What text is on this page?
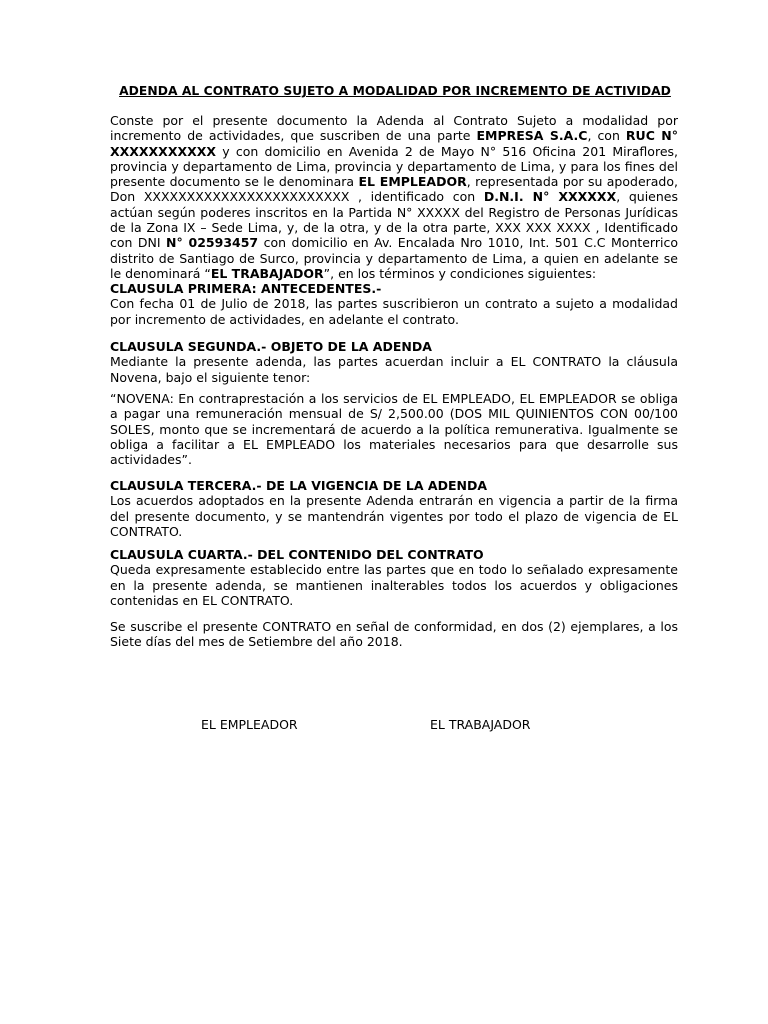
ADENDA AL CONTRATO SUJETO A MODALIDAD POR INCREMENTO DE ACTIVIDAD

Conste por el presente documento la Adenda al Contrato Sujeto a modalidad por incremento de actividades, que suscriben de una parte EMPRESA S.A.C, con RUC N° XXXXXXXXXXX y con domicilio en Avenida 2 de Mayo N° 516 Oficina 201 Miraflores, provincia y departamento de Lima, provincia y departamento de Lima, y para los fines del presente documento se le denominara EL EMPLEADOR, representada por su apoderado, Don XXXXXXXXXXXXXXXXXXXXXXXX , identificado con D.N.I. N° XXXXXX, quienes actúan según poderes inscritos en la Partida N° XXXXX del Registro de Personas Jurídicas de la Zona IX – Sede Lima, y, de la otra, y de la otra parte, XXX XXX XXXX , Identificado con DNI N° 02593457 con domicilio en Av. Encalada Nro 1010, Int. 501 C.C Monterrico distrito de Santiago de Surco, provincia y departamento de Lima, a quien en adelante se le denominará “EL TRABAJADOR”, en los términos y condiciones siguientes:

CLAUSULA PRIMERA: ANTECEDENTES.-

Con fecha 01 de Julio de 2018, las partes suscribieron un contrato a sujeto a modalidad por incremento de actividades, en adelante el contrato.

CLAUSULA SEGUNDA.- OBJETO DE LA ADENDA

Mediante la presente adenda, las partes acuerdan incluir a EL CONTRATO la cláusula Novena, bajo el siguiente tenor:

“NOVENA: En contraprestación a los servicios de EL EMPLEADO, EL EMPLEADOR se obliga a pagar una remuneración mensual de S/ 2,500.00 (DOS MIL QUINIENTOS CON 00/100 SOLES, monto que se incrementará de acuerdo a la política remunerativa. Igualmente se obliga a facilitar a EL EMPLEADO los materiales necesarios para que desarrolle sus actividades”.

CLAUSULA TERCERA.- DE LA VIGENCIA DE LA ADENDA

Los acuerdos adoptados en la presente Adenda entrarán en vigencia a partir de la firma del presente documento, y se mantendrán vigentes por todo el plazo de vigencia de EL CONTRATO.

CLAUSULA CUARTA.- DEL CONTENIDO DEL CONTRATO

Queda expresamente establecido entre las partes que en todo lo señalado expresamente en la presente adenda, se mantienen inalterables todos los acuerdos y obligaciones contenidas en EL CONTRATO.

Se suscribe el presente CONTRATO en señal de conformidad, en dos (2) ejemplares, a los Siete días del mes de Setiembre del año 2018.

EL EMPLEADOR	EL TRABAJADOR
